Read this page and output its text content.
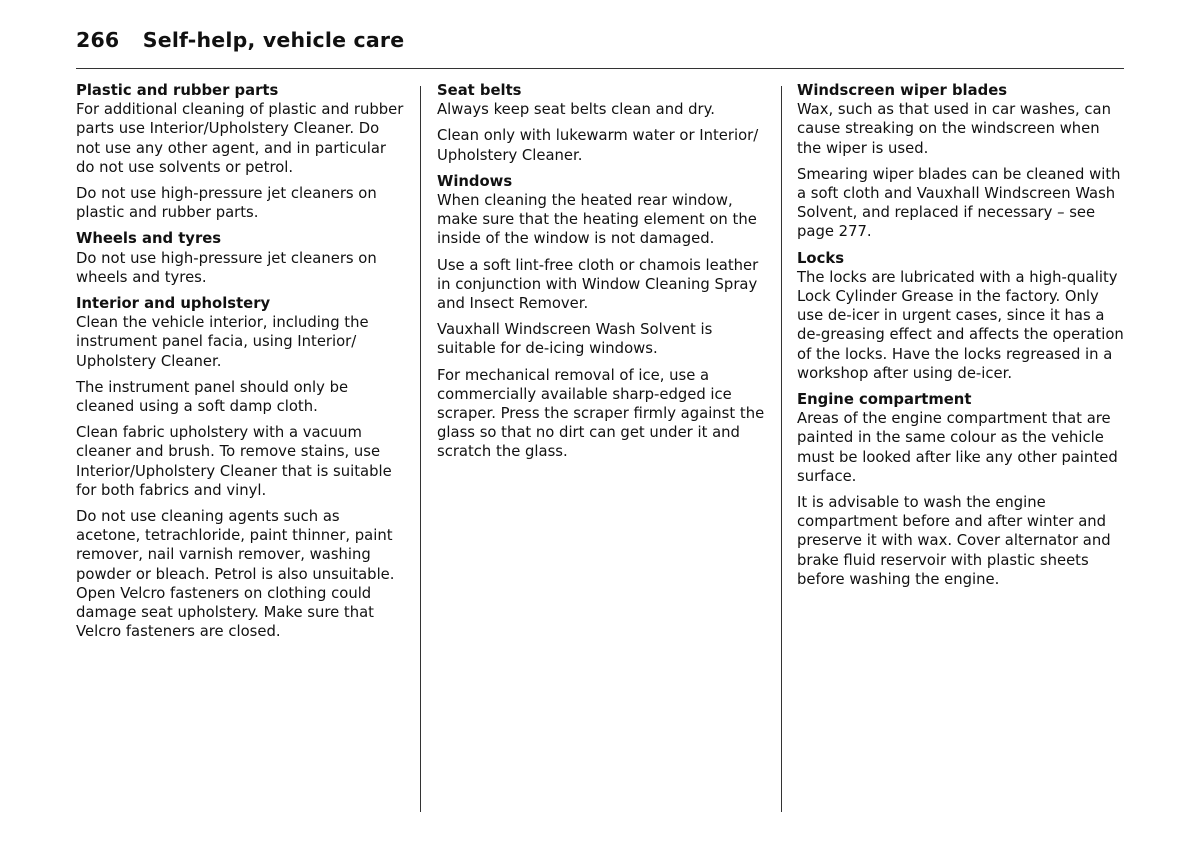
266 Self-help, vehicle care
Plastic and rubber parts

For additional cleaning of plastic and rubber parts use Interior/Upholstery Cleaner. Do not use any other agent, and in particular do not use solvents or petrol.

Do not use high-pressure jet cleaners on plastic and rubber parts.

Wheels and tyres

Do not use high-pressure jet cleaners on wheels and tyres.

Interior and upholstery

Clean the vehicle interior, including the instrument panel facia, using Interior/ Upholstery Cleaner.

The instrument panel should only be cleaned using a soft damp cloth.

Clean fabric upholstery with a vacuum cleaner and brush. To remove stains, use Interior/Upholstery Cleaner that is suitable for both fabrics and vinyl.

Do not use cleaning agents such as acetone, tetrachloride, paint thinner, paint remover, nail varnish remover, washing powder or bleach. Petrol is also unsuitable. Open Velcro fasteners on clothing could damage seat upholstery. Make sure that Velcro fasteners are closed.

Seat belts

Always keep seat belts clean and dry.

Clean only with lukewarm water or Interior/ Upholstery Cleaner.

Windows

When cleaning the heated rear window, make sure that the heating element on the inside of the window is not damaged.

Use a soft lint-free cloth or chamois leather in conjunction with Window Cleaning Spray and Insect Remover.

Vauxhall Windscreen Wash Solvent is suitable for de-icing windows.

For mechanical removal of ice, use a commercially available sharp-edged ice scraper. Press the scraper firmly against the glass so that no dirt can get under it and scratch the glass.

Windscreen wiper blades

Wax, such as that used in car washes, can cause streaking on the windscreen when the wiper is used.

Smearing wiper blades can be cleaned with a soft cloth and Vauxhall Windscreen Wash Solvent, and replaced if necessary – see page 277.

Locks

The locks are lubricated with a high-quality Lock Cylinder Grease in the factory. Only use de-icer in urgent cases, since it has a de-greasing effect and affects the operation of the locks. Have the locks regreased in a workshop after using de-icer.

Engine compartment

Areas of the engine compartment that are painted in the same colour as the vehicle must be looked after like any other painted surface.

It is advisable to wash the engine compartment before and after winter and preserve it with wax. Cover alternator and brake fluid reservoir with plastic sheets before washing the engine.
